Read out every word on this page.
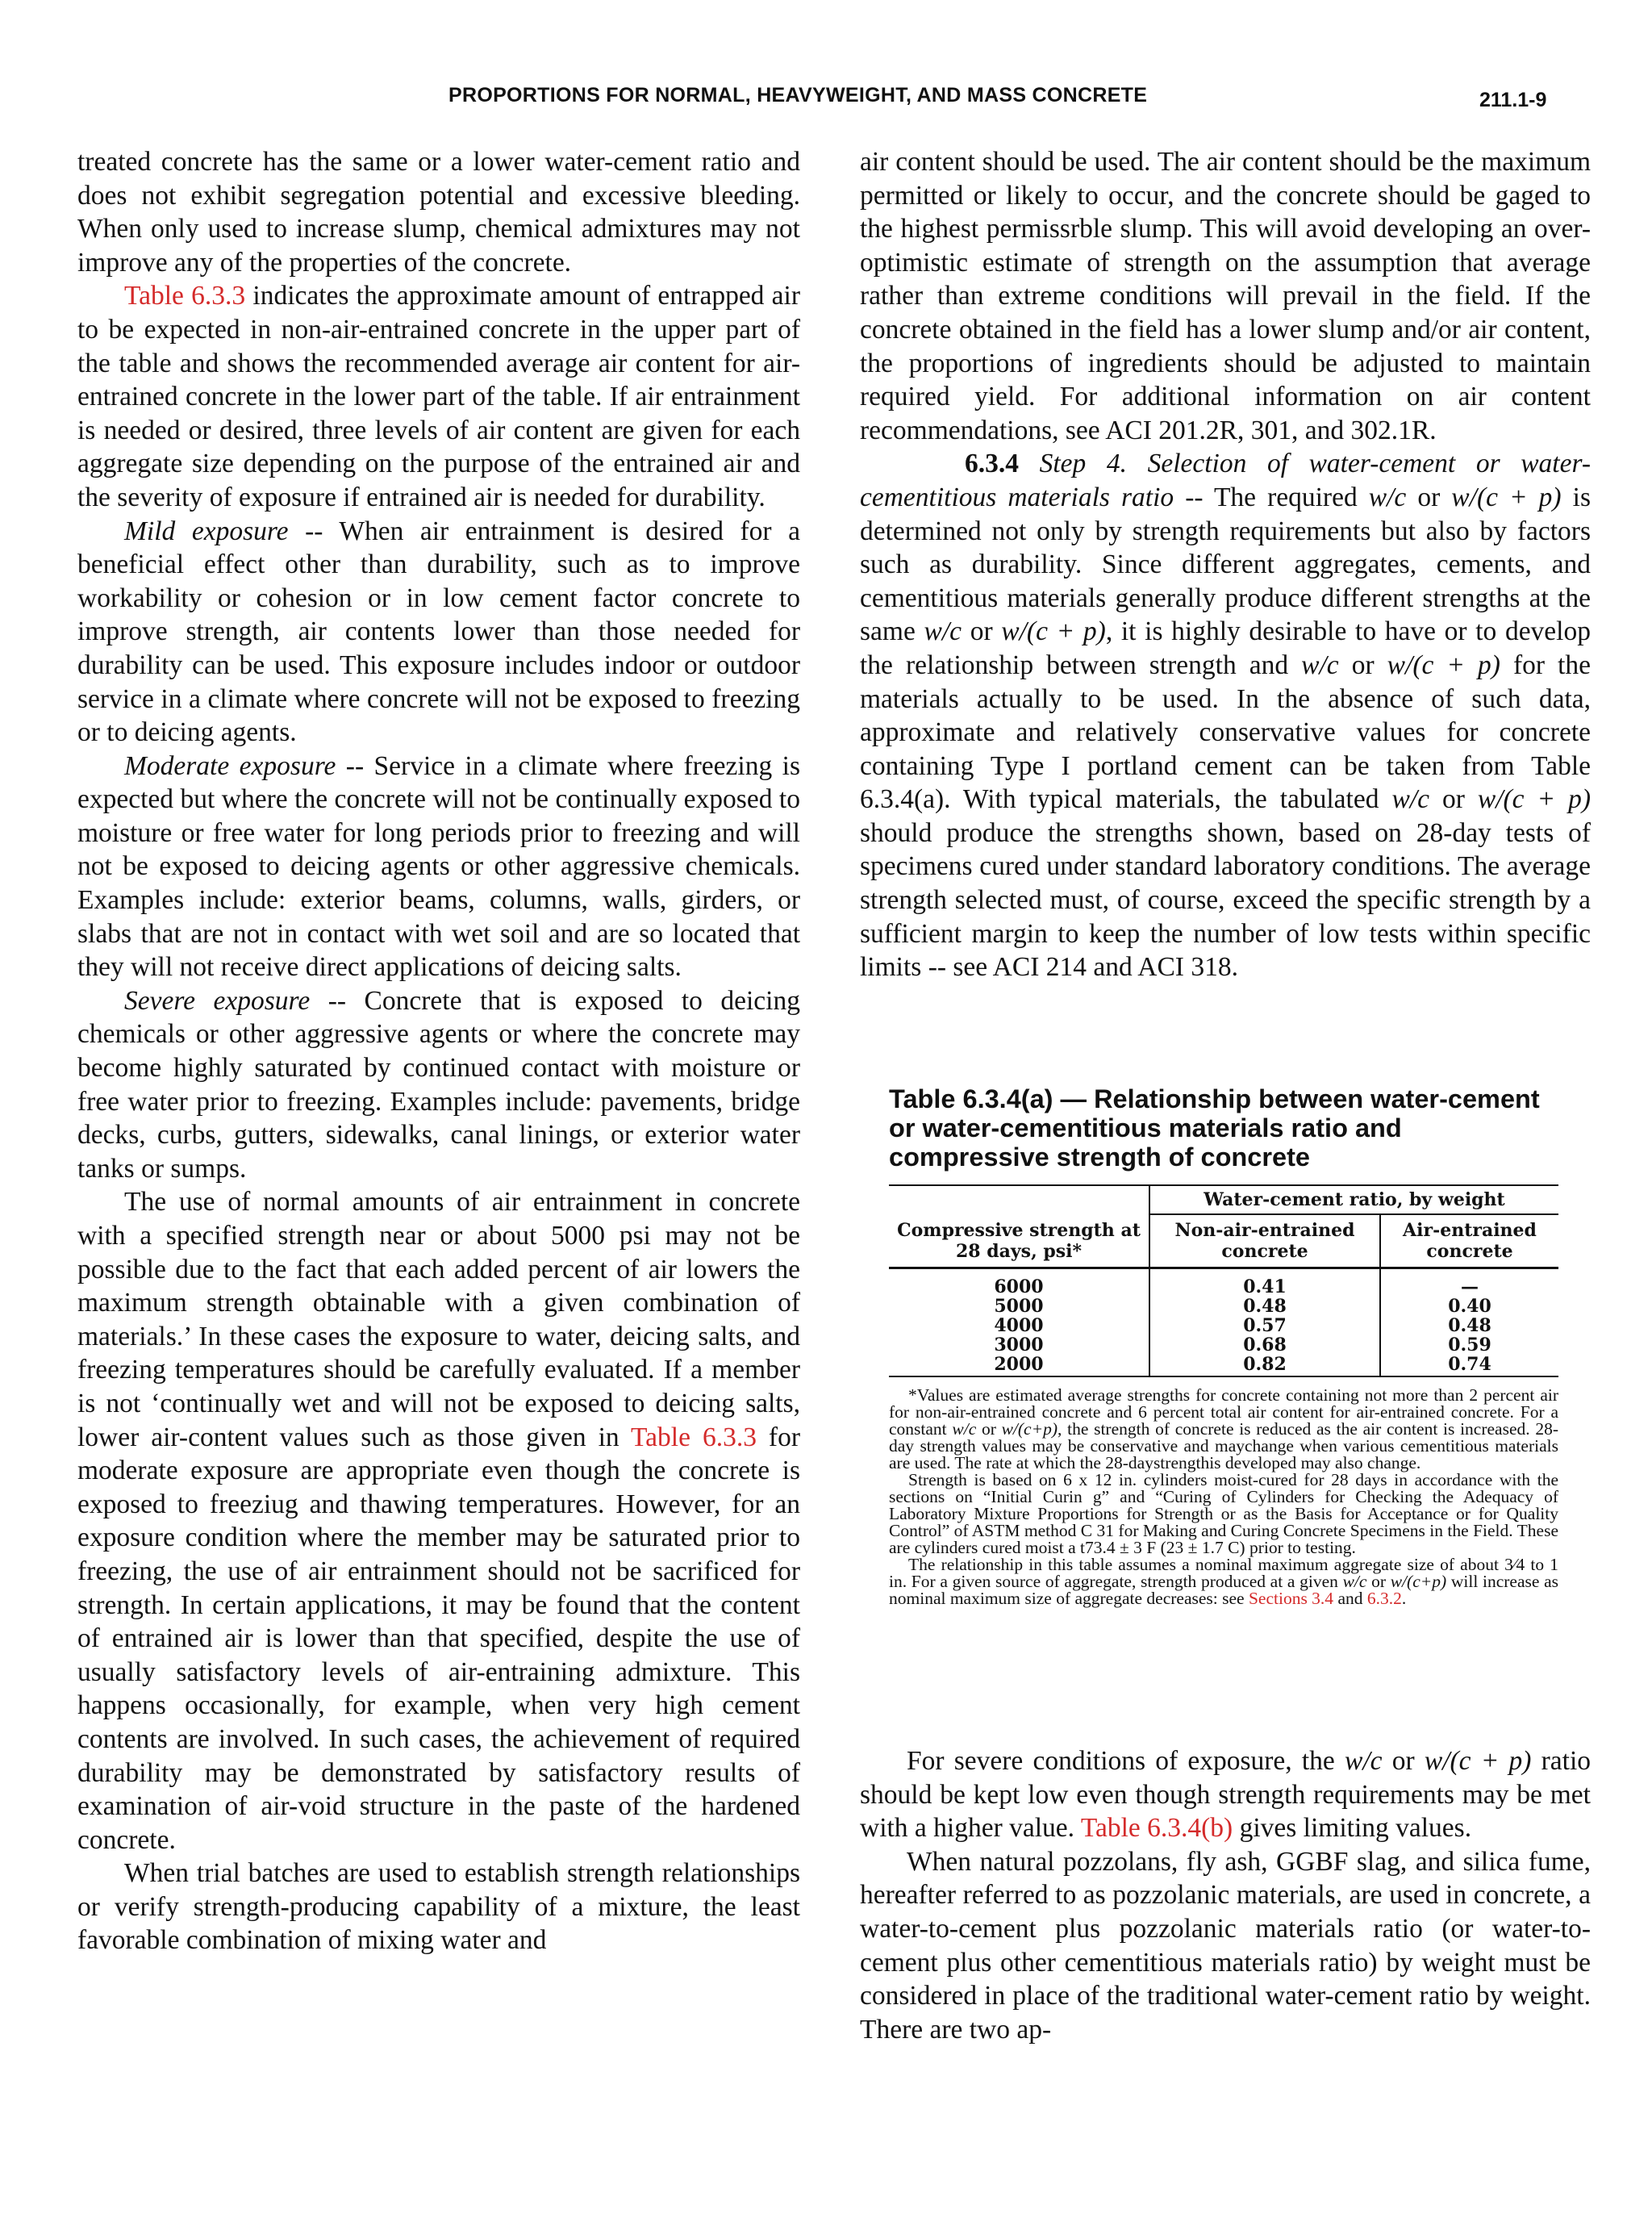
PROPORTIONS FOR NORMAL, HEAVYWEIGHT, AND MASS CONCRETE	211.1-9

treated concrete has the same or a lower water-cement ratio and does not exhibit segregation potential and excessive bleeding. When only used to increase slump, chemical admixtures may not improve any of the properties of the concrete.

Table 6.3.3 indicates the approximate amount of entrapped air to be expected in non-air-entrained concrete in the upper part of the table and shows the recommended average air content for air-entrained concrete in the lower part of the table. If air entrainment is needed or desired, three levels of air content are given for each aggregate size depending on the purpose of the entrained air and the severity of exposure if entrained air is needed for durability.

Mild exposure -- When air entrainment is desired for a beneficial effect other than durability, such as to improve workability or cohesion or in low cement factor concrete to improve strength, air contents lower than those needed for durability can be used. This exposure includes indoor or outdoor service in a climate where concrete will not be exposed to freezing or to deicing agents.

Moderate exposure -- Service in a climate where freezing is expected but where the concrete will not be continually exposed to moisture or free water for long periods prior to freezing and will not be exposed to deicing agents or other aggressive chemicals. Examples include: exterior beams, columns, walls, girders, or slabs that are not in contact with wet soil and are so located that they will not receive direct applications of deicing salts.

Severe exposure -- Concrete that is exposed to deicing chemicals or other aggressive agents or where the concrete may become highly saturated by continued contact with moisture or free water prior to freezing. Examples include: pavements, bridge decks, curbs, gutters, sidewalks, canal linings, or exterior water tanks or sumps.

The use of normal amounts of air entrainment in concrete with a specified strength near or about 5000 psi may not be possible due to the fact that each added percent of air lowers the maximum strength obtainable with a given combination of materials.’ In these cases the exposure to water, deicing salts, and freezing temperatures should be carefully evaluated. If a member is not ‘continually wet and will not be exposed to deicing salts, lower air-content values such as those given in Table 6.3.3 for moderate exposure are appropriate even though the concrete is exposed to freeziug and thawing temperatures. However, for an exposure condition where the member may be saturated prior to freezing, the use of air entrainment should not be sacrificed for strength. In certain applications, it may be found that the content of entrained air is lower than that specified, despite the use of usually satisfactory levels of air-entraining admixture. This happens occasionally, for example, when very high cement contents are involved. In such cases, the achievement of required durability may be demonstrated by satisfactory results of examination of air-void structure in the paste of the hardened concrete.

When trial batches are used to establish strength relationships or verify strength-producing capability of a mixture, the least favorable combination of mixing water and

air content should be used. The air content should be the maximum permitted or likely to occur, and the concrete should be gaged to the highest permissrble slump. This will avoid developing an over-optimistic estimate of strength on the assumption that average rather than extreme conditions will prevail in the field. If the concrete obtained in the field has a lower slump and/or air content, the proportions of ingredients should be adjusted to maintain required yield. For additional information on air content recommendations, see ACI 201.2R, 301, and 302.1R.

6.3.4 Step 4. Selection of water-cement or water-cementitious materials ratio -- The required w/c or w/(c + p) is determined not only by strength requirements but also by factors such as durability. Since different aggregates, cements, and cementitious materials generally produce different strengths at the same w/c or w/(c + p), it is highly desirable to have or to develop the relationship between strength and w/c or w/(c + p) for the materials actually to be used. In the absence of such data, approximate and relatively conservative values for concrete containing Type I portland cement can be taken from Table 6.3.4(a). With typical materials, the tabulated w/c or w/(c + p) should produce the strengths shown, based on 28-day tests of specimens cured under standard laboratory conditions. The average strength selected must, of course, exceed the specific strength by a sufficient margin to keep the number of low tests within specific limits -- see ACI 214 and ACI 318.

Table 6.3.4(a) — Relationship between water-cement or water-cementitious materials ratio and compressive strength of concrete
	Water-cement ratio, by weight	
Compressive strength at 28 days, psi*	Non-air-entrained concrete	Air-entrained concrete
6000	0.41	—
5000	0.48	0.40
4000	0.57	0.48
3000	0.68	0.59
2000	0.82	0.74

*Values are estimated average strengths for concrete containing not more than 2 percent air for non-air-entrained concrete and 6 percent total air content for air-entrained concrete. For a constant w/c or w/(c+p), the strength of concrete is reduced as the air content is increased. 28-day strength values may be conservative and maychange when various cementitious materials are used. The rate at which the 28-daystrengthis developed may also change.

Strength is based on 6 x 12 in. cylinders moist-cured for 28 days in accordance with the sections on “Initial Curin g” and “Curing of Cylinders for Checking the Adequacy of Laboratory Mixture Proportions for Strength or as the Basis for Acceptance or for Quality Control” of ASTM method C 31 for Making and Curing Concrete Specimens in the Field. These are cylinders cured moist a t73.4 ± 3 F (23 ± 1.7 C) prior to testing.

The relationship in this table assumes a nominal maximum aggregate size of about 3⁄4 to 1 in. For a given source of aggregate, strength produced at a given w/c or w/(c+p) will increase as nominal maximum size of aggregate decreases: see Sections 3.4 and 6.3.2.

For severe conditions of exposure, the w/c or w/(c + p) ratio should be kept low even though strength requirements may be met with a higher value. Table 6.3.4(b) gives limiting values.

When natural pozzolans, fly ash, GGBF slag, and silica fume, hereafter referred to as pozzolanic materials, are used in concrete, a water-to-cement plus pozzolanic materials ratio (or water-to-cement plus other cementitious materials ratio) by weight must be considered in place of the traditional water-cement ratio by weight. There are two ap-
